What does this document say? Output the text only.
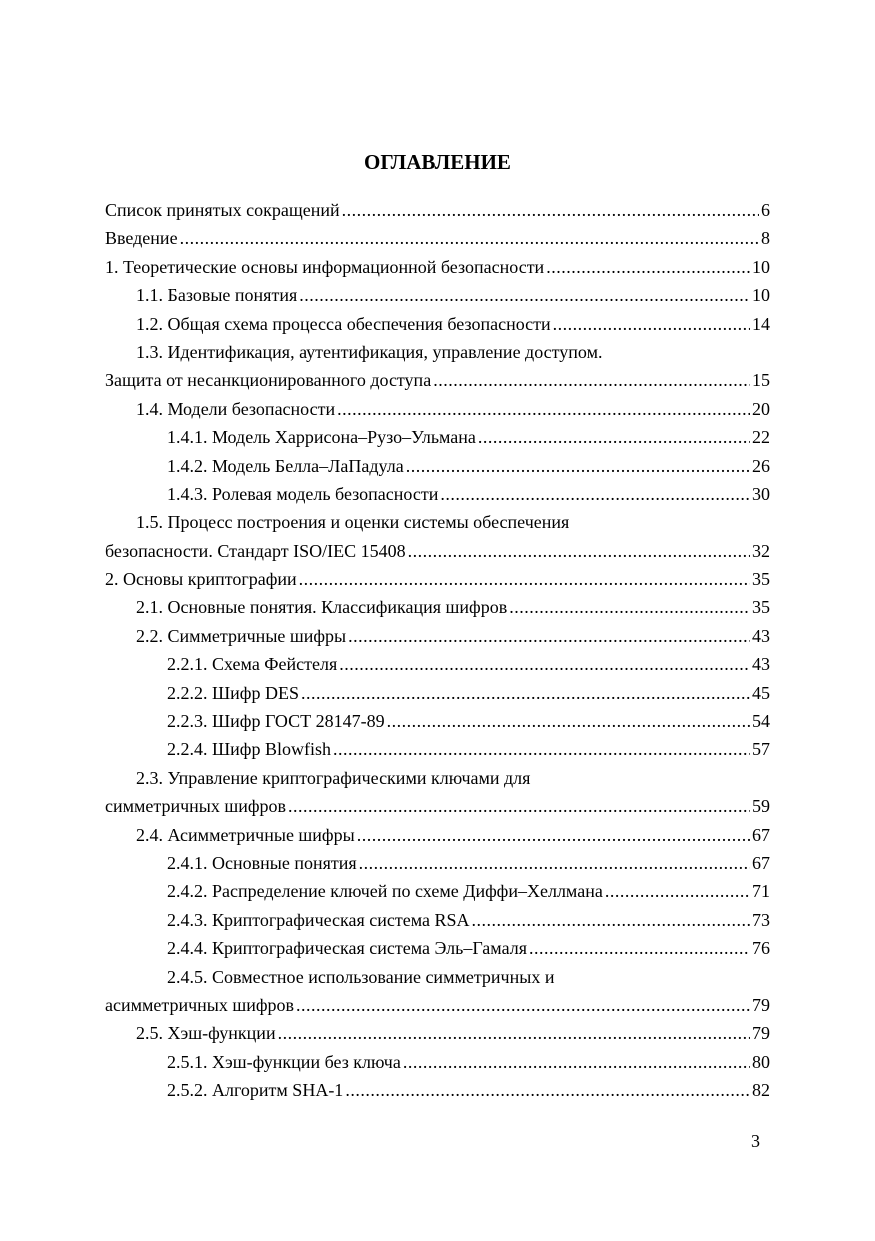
ОГЛАВЛЕНИЕ
Список принятых сокращений .....	6
Введение .....	8
1. Теоретические основы информационной безопасности .....	10
1.1. Базовые понятия .....	10
1.2. Общая схема процесса обеспечения безопасности .....	14
1.3. Идентификация, аутентификация, управление доступом.
Защита от несанкционированного доступа .....	15
1.4. Модели безопасности .....	20
1.4.1. Модель Харрисона–Рузо–Ульмана .....	22
1.4.2. Модель Белла–ЛаПадула .....	26
1.4.3. Ролевая модель безопасности .....	30
1.5. Процесс построения и оценки системы обеспечения
безопасности. Стандарт ISO/IEC 15408 .....	32
2. Основы криптографии .....	35
2.1. Основные понятия. Классификация шифров .....	35
2.2. Симметричные шифры .....	43
2.2.1. Схема Фейстеля .....	43
2.2.2. Шифр DES .....	45
2.2.3. Шифр ГОСТ 28147-89 .....	54
2.2.4. Шифр Blowfish .....	57
2.3. Управление криптографическими ключами для
симметричных шифров .....	59
2.4. Асимметричные шифры .....	67
2.4.1. Основные понятия .....	67
2.4.2. Распределение ключей по схеме Диффи–Хеллмана .....	71
2.4.3. Криптографическая система RSA .....	73
2.4.4. Криптографическая система Эль–Гамаля .....	76
2.4.5. Совместное использование симметричных и
асимметричных шифров .....	79
2.5. Хэш-функции .....	79
2.5.1. Хэш-функции без ключа .....	80
2.5.2. Алгоритм SHA-1 .....	82
3
